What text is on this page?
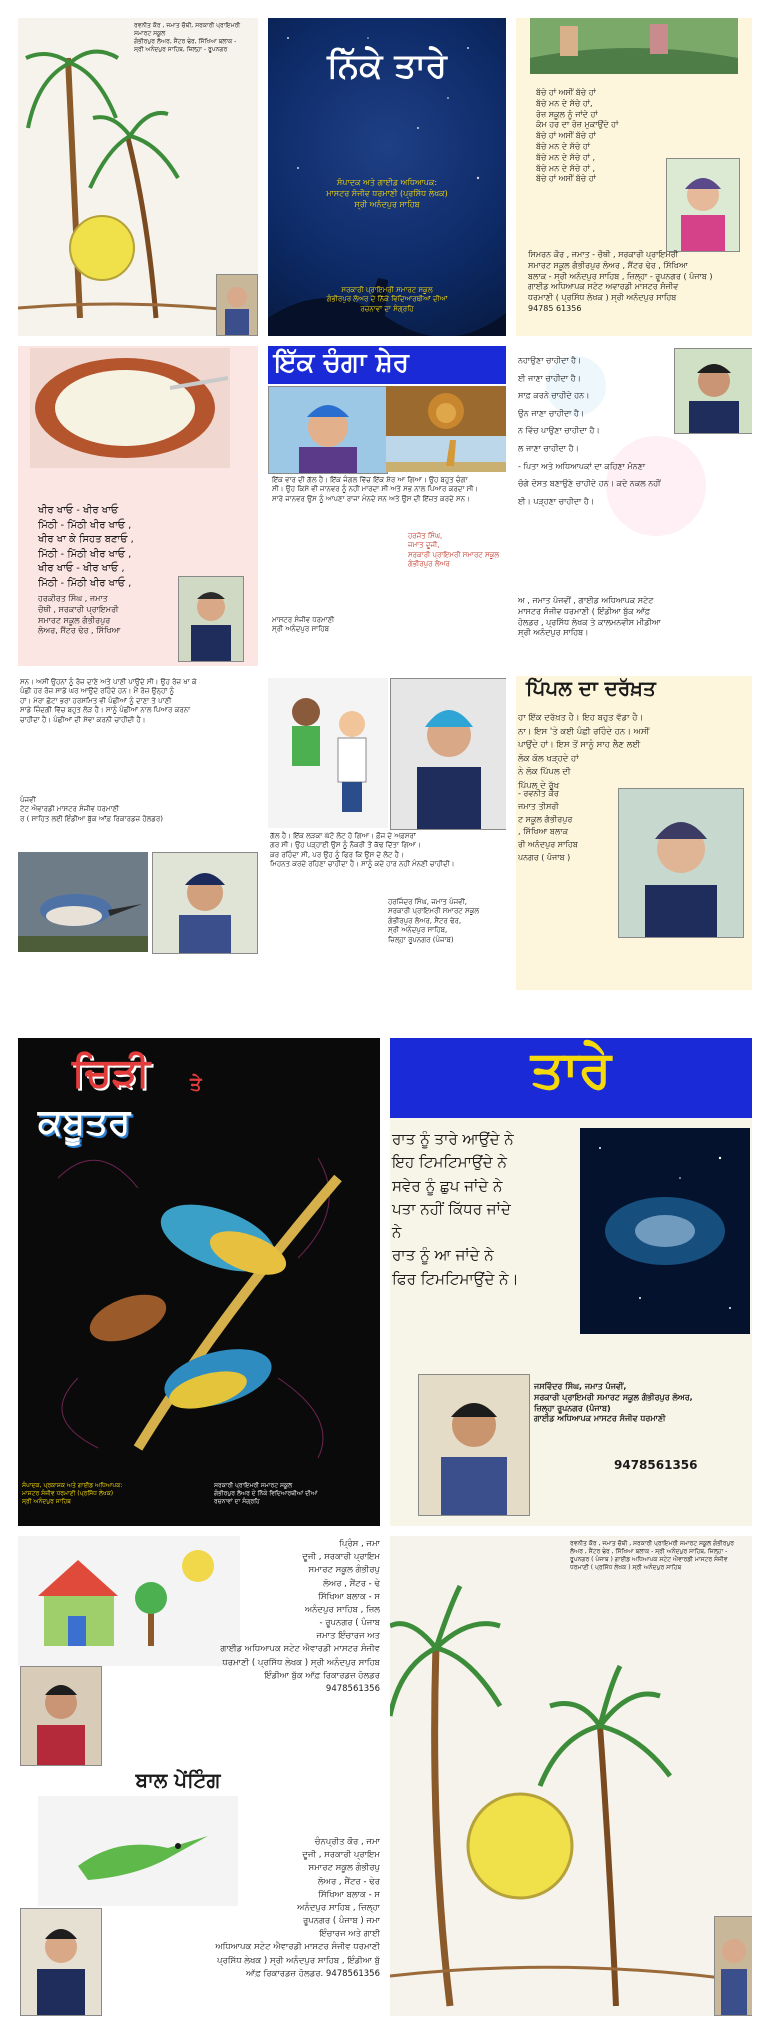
ਰਵਨੀਤ ਕੌਰ , ਜਮਾਤ ਚੌਥੀ, ਸਰਕਾਰੀ ਪ੍ਰਾਇਮਰੀ ਸਮਾਰਟ ਸਕੂਲ
ਗੰਭੀਰਪੁਰ ਲੋਅਰ, ਸੈਂਟਰ ਢੇਰ, ਸਿੱਖਿਆ ਬਲਾਕ -
ਸ੍ਰੀ ਅਨੰਦਪੁਰ ਸਾਹਿਬ, ਜ਼ਿਲ੍ਹਾ - ਰੂਪਨਗਰ	ਨਿੱਕੇ ਤਾਰੇ
ਸੰਪਾਦਕ ਅਤੇ ਗਾਈਡ ਅਧਿਆਪਕ:
ਮਾਸਟਰ ਸੰਜੀਵ ਧਰਮਾਣੀ (ਪ੍ਰਸਿੱਧ ਲੇਖਕ)
ਸ੍ਰੀ ਅਨੰਦਪੁਰ ਸਾਹਿਬ
ਸਰਕਾਰੀ ਪ੍ਰਾਇਮਰੀ ਸਮਾਰਟ ਸਕੂਲ
ਗੰਭੀਰਪੁਰ ਲੋਅਰ ਦੇ ਨਿੱਕੇ ਵਿਦਿਆਰਥੀਆਂ ਦੀਆਂ
ਰਚਨਾਵਾਂ ਦਾ ਸੰਗ੍ਰਹਿ
ਬੱਚੇ ਹਾਂ ਅਸੀਂ ਬੱਚੇ ਹਾਂ
ਬੱਚੇ ਮਨ ਦੇ ਸੱਚੇ ਹਾਂ,
ਰੋਜ਼ ਸਕੂਲ ਨੂੰ ਜਾਂਦੇ ਹਾਂ
ਕੰਮ ਹਰ ਦਾ ਰੋਜ਼ ਮੁਕਾਉਂਦੇ ਹਾਂ
ਬੱਚੇ ਹਾਂ ਅਸੀਂ ਬੱਚੇ ਹਾਂ
ਬੱਚੇ ਮਨ ਦੇ ਸੱਚੇ ਹਾਂ
ਬੱਚੇ ਮਨ ਦੇ ਸੱਚੇ ਹਾਂ ,
ਬੱਚੇ ਮਨ ਦੇ ਸੱਚੇ ਹਾਂ ,
ਬੱਚੇ ਹਾਂ ਅਸੀਂ ਬੱਚੇ ਹਾਂ
ਸਿਮਰਨ ਕੌਰ , ਜਮਾਤ - ਚੌਥੀ , ਸਰਕਾਰੀ ਪ੍ਰਾਇਮਰੀ
ਸਮਾਰਟ ਸਕੂਲ ਗੰਭੀਰਪੁਰ ਲੋਅਰ , ਸੈਂਟਰ ਢੇਰ , ਸਿੱਖਿਆ
ਬਲਾਕ - ਸ੍ਰੀ ਅਨੰਦਪੁਰ ਸਾਹਿਬ , ਜ਼ਿਲ੍ਹਾ - ਰੂਪਨਗਰ ( ਪੰਜਾਬ )
ਗਾਈਡ ਅਧਿਆਪਕ ਸਟੇਟ ਅਵਾਰਡੀ ਮਾਸਟਰ ਸੰਜੀਵ
ਧਰਮਾਣੀ ( ਪ੍ਰਸਿੱਧ ਲੇਖਕ ) ਸ੍ਰੀ ਅਨੰਦਪੁਰ ਸਾਹਿਬ
94785 61356
ਖੀਰ ਖਾਓ - ਖੀਰ ਖਾਓ
ਮਿੱਠੀ - ਮਿੱਠੀ ਖੀਰ ਖਾਓ ,
ਖੀਰ ਖਾ ਕੇ ਸਿਹਤ ਬਣਾਓ ,
ਮਿੱਠੀ - ਮਿੱਠੀ ਖੀਰ ਖਾਓ ,
ਖੀਰ ਖਾਓ - ਖੀਰ ਖਾਓ ,
ਮਿੱਠੀ - ਮਿੱਠੀ ਖੀਰ ਖਾਓ ,
ਹਰਕੀਰਤ ਸਿੰਘ , ਜਮਾਤ
ਚੌਥੀ , ਸਰਕਾਰੀ ਪ੍ਰਾਇਮਰੀ
ਸਮਾਰਟ ਸਕੂਲ ਗੰਭੀਰਪੁਰ
ਲੋਅਰ, ਸੈਂਟਰ ਢੇਰ , ਸਿੱਖਿਆ
ਇੱਕ ਚੰਗਾ ਸ਼ੇਰ
ਇੱਕ ਵਾਰ ਦੀ ਗੱਲ ਹੈ। ਇੱਕ ਜੰਗਲ ਵਿੱਚ ਇੱਕ ਸ਼ੇਰ ਆ ਗਿਆ। ਉਹ ਬਹੁਤ ਚੰਗਾ
ਸੀ। ਉਹ ਕਿਸੇ ਵੀ ਜਾਨਵਰ ਨੂੰ ਨਹੀਂ ਮਾਰਦਾ ਸੀ ਅਤੇ ਸਭ ਨਾਲ ਪਿਆਰ ਕਰਦਾ ਸੀ।
ਸਾਰੇ ਜਾਨਵਰ ਉਸ ਨੂੰ ਆਪਣਾ ਰਾਜਾ ਮੰਨਦੇ ਸਨ ਅਤੇ ਉਸ ਦੀ ਇੱਜ਼ਤ ਕਰਦੇ ਸਨ।
ਹਰਜੋਤ ਸਿੰਘ,
ਜਮਾਤ ਦੂਜੀ,
ਸਰਕਾਰੀ ਪ੍ਰਾਇਮਰੀ ਸਮਾਰਟ ਸਕੂਲ
ਗੰਭੀਰਪੁਰ ਲੋਅਰ
ਮਾਸਟਰ ਸੰਜੀਵ ਧਰਮਾਣੀ
ਸ੍ਰੀ ਅਨੰਦਪੁਰ ਸਾਹਿਬ
ਨਹਾਉਣਾ ਚਾਹੀਦਾ ਹੈ।
ਈ ਜਾਣਾ ਚਾਹੀਦਾ ਹੈ।
ਸਾਫ਼ ਕਰਨੇ ਚਾਹੀਦੇ ਹਨ।
ਉਨ ਜਾਣਾ ਚਾਹੀਦਾ ਹੈ।
ਨ ਵਿੱਚ ਪਾਉਣਾ ਚਾਹੀਦਾ ਹੈ।
ਲ ਜਾਣਾ ਚਾਹੀਦਾ ਹੈ।
- ਪਿਤਾ ਅਤੇ ਅਧਿਆਪਕਾਂ ਦਾ ਕਹਿਣਾ ਮੰਨਣਾ
ਚੰਗੇ ਦੋਸਤ ਬਣਾਉਣੇ ਚਾਹੀਦੇ ਹਨ। ਕਦੇ ਨਕਲ ਨਹੀਂ
ਈ। ਪੜ੍ਹਣਾ ਚਾਹੀਦਾ ਹੈ।
ਅ , ਜਮਾਤ ਪੰਜਵੀਂ , ਗਾਈਡ ਅਧਿਆਪਕ ਸਟੇਟ
ਮਾਸਟਰ ਸੰਜੀਵ ਧਰਮਾਣੀ ( ਇੰਡੀਆ ਬੁੱਕ ਆੱਫ਼
ਹੋਲਡਰ , ਪ੍ਰਸਿੱਧ ਲੇਖਕ ਤੇ ਕਾਲਮਨਵੀਸ ਮੀਡੀਆ
ਸ੍ਰੀ ਅਨੰਦਪੁਰ ਸਾਹਿਬ।
ਸਨ। ਅਸੀਂ ਉਹਨਾਂ ਨੂੰ ਰੋਜ਼ ਦਾਣੇ ਅਤੇ ਪਾਣੀ ਪਾਉਂਦੇ ਸੀ। ਉਹ ਰੋਜ਼ ਖਾ ਕੇ
ਪੰਛੀ ਹਰ ਰੋਜ਼ ਸਾਡੇ ਘਰ ਆਉਂਦੇ ਰਹਿੰਦੇ ਹਨ। ਮੈਂ ਰੋਜ਼ ਉਨ੍ਹਾਂ ਨੂੰ
ਹਾਂ। ਮੇਰਾ ਛੋਟਾ ਭਰਾ ਹਰਸਮਿਤ ਵੀ ਪੰਛੀਆਂ ਨੂੰ ਦਾਣਾ ਤੇ ਪਾਣੀ
ਸਾਡੇ ਜ਼ਿੰਦਗੀ ਵਿੱਚ ਬਹੁਤ ਲੋੜ ਹੈ। ਸਾਨੂੰ ਪੰਛੀਆਂ ਨਾਲ ਪਿਆਰ ਕਰਨਾ
ਚਾਹੀਦਾ ਹੈ। ਪੰਛੀਆਂ ਦੀ ਸੇਵਾ ਕਰਨੀ ਚਾਹੀਦੀ ਹੈ।
ਪੰਜਵੀਂ
ਟੇਟ ਐਵਾਰਡੀ ਮਾਸਟਰ ਸੰਜੀਵ ਧਰਮਾਣੀ
ਰ ( ਸਾਹਿਤ ਲਈ ਇੰਡੀਆ ਬੁੱਕ ਆੱਫ਼ ਰਿਕਾਰਡਜ਼ ਹੋਲਡਰ)
ਗੱਲ ਹੈ। ਇੱਕ ਲੜਕਾ ਘੱਟੋ ਲੋਟ ਹੋ ਗਿਆ। ਫ਼ੌਜ ਦੇ ਅਫ਼ਸਰਾਂ
ਗਰ ਸੀ। ਉਹ ਪੜ੍ਹਾਈ ਉਸ ਨੂੰ ਨੌਕਰੀ ਤੋਂ ਕੱਢ ਦਿੱਤਾ ਗਿਆ।
ਕਰ ਰਹਿੰਦਾ ਸੀ, ਪਰ ਉਹ ਨੂੰ ਫਿਰ ਕਿ ਉਸ ਦੇ ਲੋਟ ਹੈ।
ਮਿਹਨਤ ਕਰਦੇ ਰਹਿਣਾ ਚਾਹੀਦਾ ਹੈ। ਸਾਨੂੰ ਕਦੇ ਹਾਰ ਨਹੀਂ ਮੰਨਣੀ ਚਾਹੀਦੀ।
ਹਰਜਿੰਦਰ ਸਿੰਘ, ਜਮਾਤ ਪੰਜਵੀਂ,
ਸਰਕਾਰੀ ਪ੍ਰਾਇਮਰੀ ਸਮਾਰਟ ਸਕੂਲ
ਗੰਭੀਰਪੁਰ ਲੋਅਰ, ਸੈਂਟਰ ਢੇਰ,
ਸ੍ਰੀ ਅਨੰਦਪੁਰ ਸਾਹਿਬ,
ਜ਼ਿਲ੍ਹਾ ਰੂਪਨਗਰ (ਪੰਜਾਬ)
ਪਿੱਪਲ ਦਾ ਦਰੱਖ਼ਤ
ਹਾ ਇੱਕ ਦਰੱਖ਼ਤ ਹੈ। ਇਹ ਬਹੁਤ ਵੱਡਾ ਹੈ।
ਨਾ। ਇਸ 'ਤੇ ਕਈ ਪੰਛੀ ਰਹਿੰਦੇ ਹਨ। ਅਸੀਂ
ਪਾਉਂਦੇ ਹਾਂ। ਇਸ ਤੋਂ ਸਾਨੂੰ ਸਾਹ ਲੈਣ ਲਈ
ਲੋਕ ਕੋਲ ਖੜ੍ਹਦੇ ਹਾਂ
ਨੇ ਲੋਕ ਪਿੱਪਲ ਦੀ
ਪਿੱਪਲ ਦੇ ਰੁੱਖ
- ਰਵਨੀਤ ਕੌਰ
ਜਮਾਤ ਤੀਸਰੀ
ਟ ਸਕੂਲ ਗੰਭੀਰਪੁਰ
, ਸਿੱਖਿਆ ਬਲਾਕ
ਰੀ ਅਨੰਦਪੁਰ ਸਾਹਿਬ
ਪਨਗਰ ( ਪੰਜਾਬ )
ਚਿੜੀ ਤੇ
ਕਬੂਤਰ
ਸੰਪਾਦਕ, ਪ੍ਰਕਾਸ਼ਕ ਅਤੇ ਗਾਈਡ ਅਧਿਆਪਕ:
ਮਾਸਟਰ ਸੰਜੀਵ ਧਰਮਾਣੀ (ਪ੍ਰਸਿੱਧ ਲੇਖਕ)
ਸ੍ਰੀ ਅਨੰਦਪੁਰ ਸਾਹਿਬ
ਸਰਕਾਰੀ ਪ੍ਰਾਇਮਰੀ ਸਮਾਰਟ ਸਕੂਲ
ਗੰਭੀਰਪੁਰ ਲੋਅਰ ਦੇ ਨਿੱਕੇ ਵਿਦਿਆਰਥੀਆਂ ਦੀਆਂ
ਰਚਨਾਵਾਂ ਦਾ ਸੰਗ੍ਰਹਿ
ਤਾਰੇ
ਰਾਤ ਨੂੰ ਤਾਰੇ ਆਉਂਦੇ ਨੇ
ਇਹ ਟਿਮਟਿਮਾਉਂਦੇ ਨੇ
ਸਵੇਰ ਨੂੰ ਛੁਪ ਜਾਂਦੇ ਨੇ
ਪਤਾ ਨਹੀਂ ਕਿੱਧਰ ਜਾਂਦੇ
ਨੇ
ਰਾਤ ਨੂੰ ਆ ਜਾਂਦੇ ਨੇ
ਫਿਰ ਟਿਮਟਿਮਾਉਂਦੇ ਨੇ।
ਜਸਵਿੰਦਰ ਸਿੰਘ, ਜਮਾਤ ਪੰਜਵੀਂ,
ਸਰਕਾਰੀ ਪ੍ਰਾਇਮਰੀ ਸਮਾਰਟ ਸਕੂਲ ਗੰਭੀਰਪੁਰ ਲੋਅਰ,
ਜ਼ਿਲ੍ਹਾ ਰੂਪਨਗਰ (ਪੰਜਾਬ)
ਗਾਈਡ ਅਧਿਆਪਕ ਮਾਸਟਰ ਸੰਜੀਵ ਧਰਮਾਣੀ
9478561356
ਪ੍ਰਿੰਸ , ਜਮਾ
ਦੂਜੀ , ਸਰਕਾਰੀ ਪ੍ਰਾਇਮ
ਸਮਾਰਟ ਸਕੂਲ ਗੰਭੀਰਪੁ
ਲੋਅਰ , ਸੈਂਟਰ - ਢੇ
ਸਿੱਖਿਆ ਬਲਾਕ - ਸ
ਅਨੰਦਪੁਰ ਸਾਹਿਬ , ਜ਼ਿਲ
- ਰੂਪਨਗਰ ( ਪੰਜਾਬ
ਜਮਾਤ ਇੰਚਾਰਜ ਅਤ
ਗਾਈਡ ਅਧਿਆਪਕ ਸਟੇਟ ਐਵਾਰਡੀ ਮਾਸਟਰ ਸੰਜੀਵ
ਧਰਮਾਣੀ ( ਪ੍ਰਸਿੱਧ ਲੇਖਕ ) ਸ੍ਰੀ ਅਨੰਦਪੁਰ ਸਾਹਿਬ
ਇੰਡੀਆ ਬੁੱਕ ਆੱਫ਼ ਰਿਕਾਰਡਜ਼ ਹੋਲਡਰ
9478561356
ਬਾਲ ਪੇਂਟਿੰਗ
ਚੰਨਪ੍ਰੀਤ ਕੌਰ , ਜਮਾ
ਦੂਜੀ , ਸਰਕਾਰੀ ਪ੍ਰਾਇਮ
ਸਮਾਰਟ ਸਕੂਲ ਗੰਭੀਰਪੁ
ਲੋਅਰ , ਸੈਂਟਰ - ਢੇਰ
ਸਿੱਖਿਆ ਬਲਾਕ - ਸ
ਅਨੰਦਪੁਰ ਸਾਹਿਬ , ਜ਼ਿਲ੍ਹਾ
ਰੂਪਨਗਰ ( ਪੰਜਾਬ ) ਜਮਾ
ਇੰਚਾਰਜ ਅਤੇ ਗਾਈ
ਅਧਿਆਪਕ ਸਟੇਟ ਐਵਾਰਡੀ ਮਾਸਟਰ ਸੰਜੀਵ ਧਰਮਾਣੀ
ਪ੍ਰਸਿੱਧ ਲੇਖਕ ) ਸ੍ਰੀ ਅਨੰਦਪੁਰ ਸਾਹਿਬ , ਇੰਡੀਆ ਬੁੱ
ਆੱਫ਼ ਰਿਕਾਰਡਜ਼ ਹੋਲਡਰ. 9478561356
ਰਵਨੀਤ ਕੌਰ , ਜਮਾਤ ਚੌਥੀ , ਸਰਕਾਰੀ ਪ੍ਰਾਇਮਰੀ ਸਮਾਰਟ ਸਕੂਲ ਗੰਭੀਰਪੁਰ
ਲੋਅਰ , ਸੈਂਟਰ ਢੇਰ , ਸਿੱਖਿਆ ਬਲਾਕ - ਸ੍ਰੀ ਅਨੰਦਪੁਰ ਸਾਹਿਬ, ਜ਼ਿਲ੍ਹਾ -
ਰੂਪਨਗਰ ( ਪੰਜਾਬ ) ਗਾਈਡ ਅਧਿਆਪਕ ਸਟੇਟ ਐਵਾਰਡੀ ਮਾਸਟਰ ਸੰਜੀਵ
ਧਰਮਾਣੀ ( ਪ੍ਰਸਿੱਧ ਲੇਖਕ ) ਸ੍ਰੀ ਅਨੰਦਪੁਰ ਸਾਹਿਬ
